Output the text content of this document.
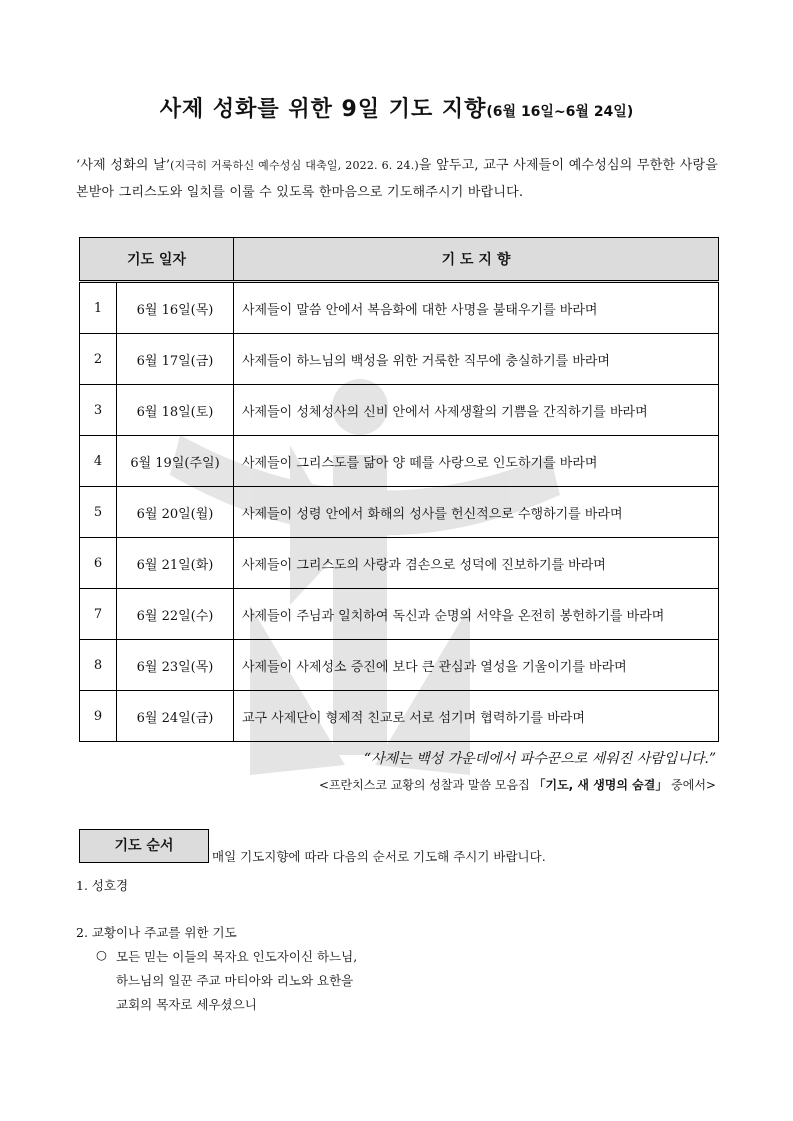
사제 성화를 위한 9일 기도 지향(6월 16일~6월 24일)
‘사제 성화의 날’(지극히 거룩하신 예수성심 대축일, 2022. 6. 24.)을 앞두고, 교구 사제들이 예수성심의 무한한 사랑을 본받아 그리스도와 일치를 이룰 수 있도록 한마음으로 기도해주시기 바랍니다.
기도 일자		기 도 지 향
1	6월 16일(목)	사제들이 말씀 안에서 복음화에 대한 사명을 불태우기를 바라며
2	6월 17일(금)	사제들이 하느님의 백성을 위한 거룩한 직무에 충실하기를 바라며
3	6월 18일(토)	사제들이 성체성사의 신비 안에서 사제생활의 기쁨을 간직하기를 바라며
4	6월 19일(주일)	사제들이 그리스도를 닮아 양 떼를 사랑으로 인도하기를 바라며
5	6월 20일(월)	사제들이 성령 안에서 화해의 성사를 헌신적으로 수행하기를 바라며
6	6월 21일(화)	사제들이 그리스도의 사랑과 겸손으로 성덕에 진보하기를 바라며
7	6월 22일(수)	사제들이 주님과 일치하여 독신과 순명의 서약을 온전히 봉헌하기를 바라며
8	6월 23일(목)	사제들이 사제성소 증진에 보다 큰 관심과 열성을 기울이기를 바라며
9	6월 24일(금)	교구 사제단이 형제적 친교로 서로 섬기며 협력하기를 바라며
“사제는 백성 가운데에서 파수꾼으로 세워진 사람입니다.”
<프란치스코 교황의 성찰과 말씀 모음집 「기도, 새 생명의 숨결」 중에서>
기도 순서
매일 기도지향에 따라 다음의 순서로 기도해 주시기 바랍니다.
1. 성호경
2. 교황이나 주교를 위한 기도
○ 모든 믿는 이들의 목자요 인도자이신 하느님,
하느님의 일꾼 주교 마티아와 리노와 요한을
교회의 목자로 세우셨으니
